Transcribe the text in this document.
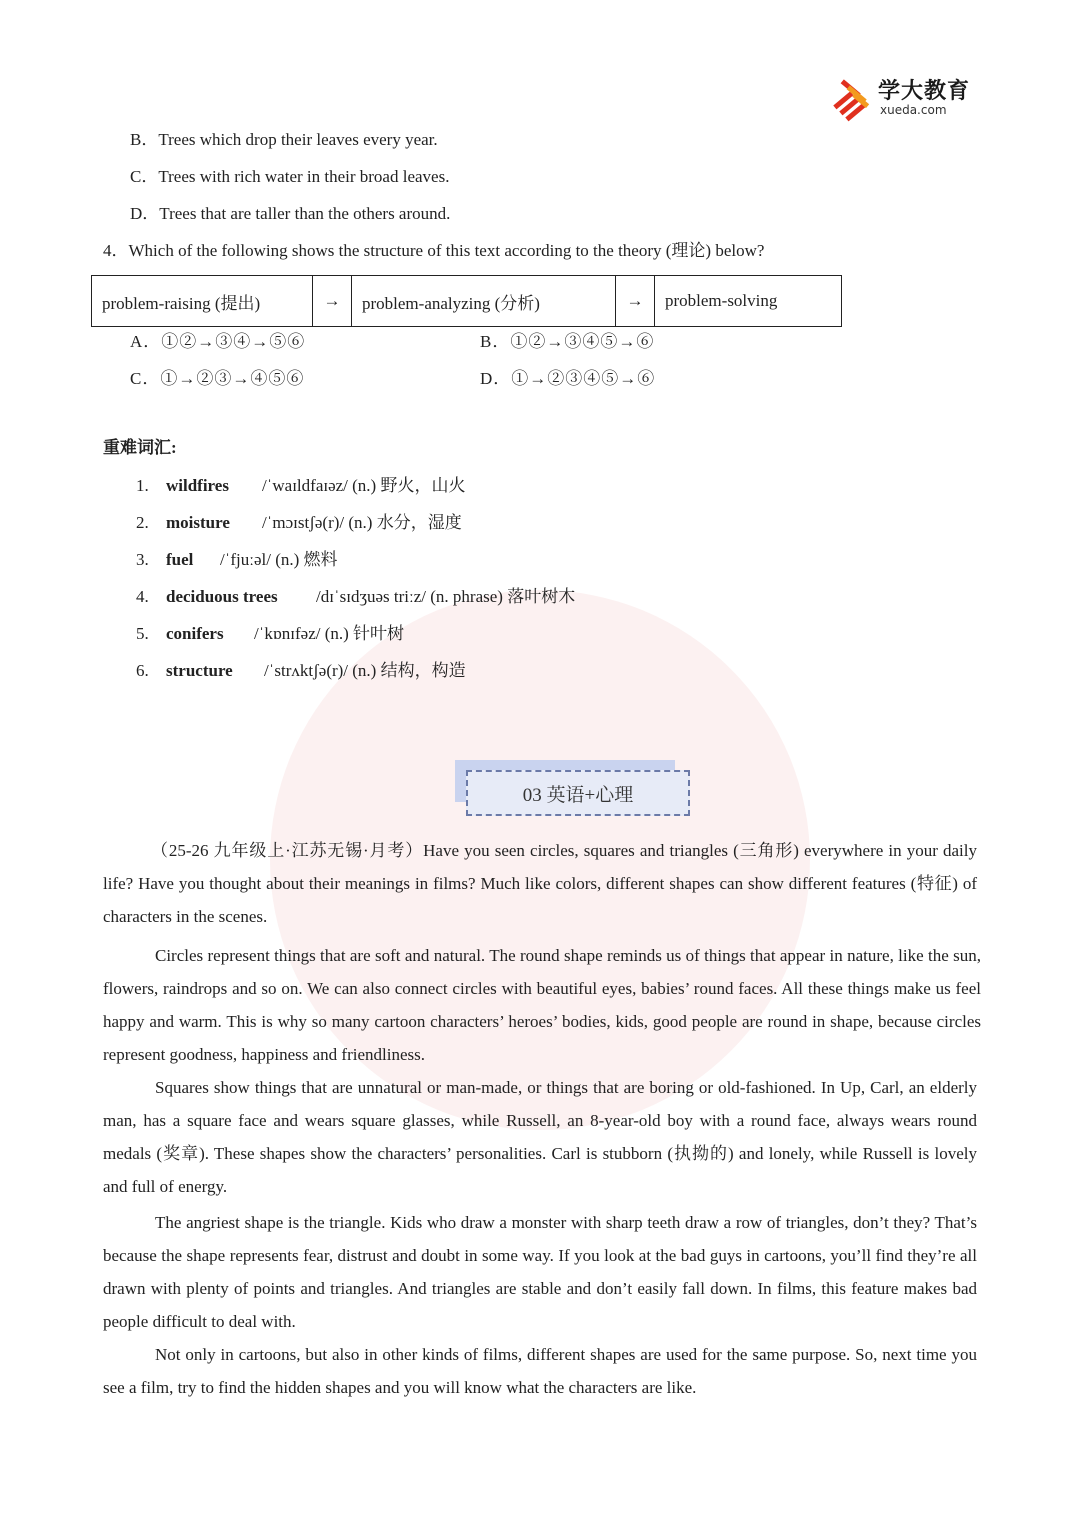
学大教育
xueda.com
B．Trees which drop their leaves every year.
C．Trees with rich water in their broad leaves.
D．Trees that are taller than the others around.
4．Which of the following shows the structure of this text according to the theory (理论) below?
problem-raising (提出)	→	problem-analyzing (分析)	→	problem-solving
A．①②→③④→⑤⑥	B．①②→③④⑤→⑥
C．①→②③→④⑤⑥	D．①→②③④⑤→⑥
重难词汇:
1. wildfires /ˈwaɪldfaɪəz/ (n.) 野火，山火
2. moisture /ˈmɔɪstʃə(r)/ (n.) 水分，湿度
3. fuel /ˈfjuːəl/ (n.) 燃料
4. deciduous trees /dɪˈsɪdʒuəs triːz/ (n. phrase) 落叶树木
5. conifers /ˈkɒnɪfəz/ (n.) 针叶树
6. structure /ˈstrʌktʃə(r)/ (n.) 结构，构造
03 英语+心理
（25-26 九年级上·江苏无锡·月考）Have you seen circles, squares and triangles (三角形) everywhere in your daily life? Have you thought about their meanings in films? Much like colors, different shapes can show different features (特征) of characters in the scenes.
Circles represent things that are soft and natural. The round shape reminds us of things that appear in nature, like the sun, flowers, raindrops and so on. We can also connect circles with beautiful eyes, babies’ round faces. All these things make us feel happy and warm. This is why so many cartoon characters’ heroes’ bodies, kids, good people are round in shape, because circles represent goodness, happiness and friendliness.
Squares show things that are unnatural or man-made, or things that are boring or old-fashioned. In Up, Carl, an elderly man, has a square face and wears square glasses, while Russell, an 8-year-old boy with a round face, always wears round medals (奖章). These shapes show the characters’ personalities. Carl is stubborn (执拗的) and lonely, while Russell is lovely and full of energy.
The angriest shape is the triangle. Kids who draw a monster with sharp teeth draw a row of triangles, don’t they? That’s because the shape represents fear, distrust and doubt in some way. If you look at the bad guys in cartoons, you’ll find they’re all drawn with plenty of points and triangles. And triangles are stable and don’t easily fall down. In films, this feature makes bad people difficult to deal with.
Not only in cartoons, but also in other kinds of films, different shapes are used for the same purpose. So, next time you see a film, try to find the hidden shapes and you will know what the characters are like.
